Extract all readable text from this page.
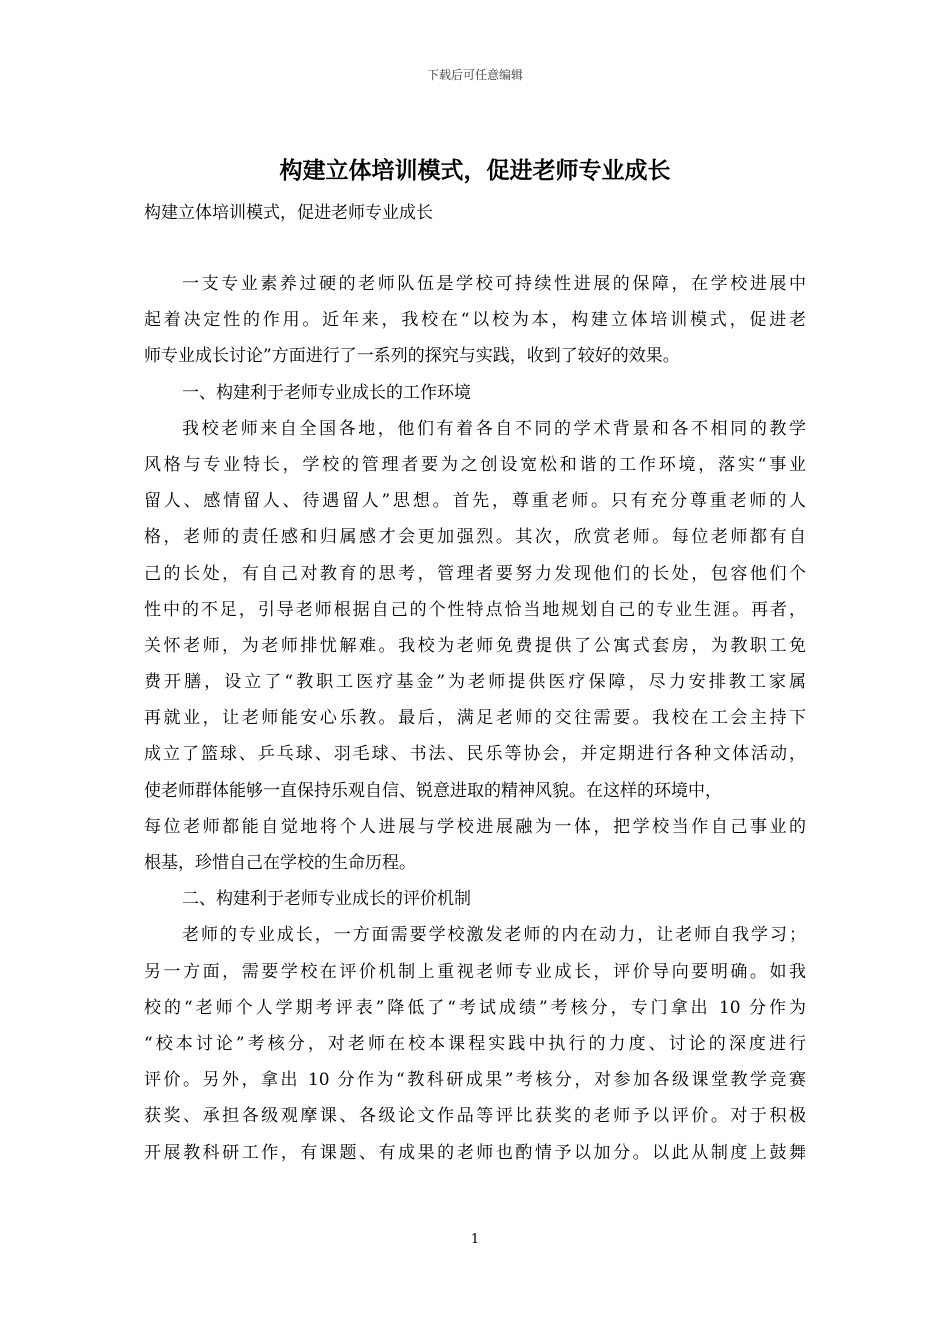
下载后可任意编辑
构建立体培训模式，促进老师专业成长
构建立体培训模式，促进老师专业成长
一支专业素养过硬的老师队伍是学校可持续性进展的保障，在学校进展中
起着决定性的作用。近年来，我校在“以校为本，构建立体培训模式，促进老
师专业成长讨论”方面进行了一系列的探究与实践，收到了较好的效果。
一、构建利于老师专业成长的工作环境
我校老师来自全国各地，他们有着各自不同的学术背景和各不相同的教学
风格与专业特长，学校的管理者要为之创设宽松和谐的工作环境，落实“事业
留人、感情留人、待遇留人”思想。首先，尊重老师。只有充分尊重老师的人
格，老师的责任感和归属感才会更加强烈。其次，欣赏老师。每位老师都有自
己的长处，有自己对教育的思考，管理者要努力发现他们的长处，包容他们个
性中的不足，引导老师根据自己的个性特点恰当地规划自己的专业生涯。再者，
关怀老师，为老师排忧解难。我校为老师免费提供了公寓式套房，为教职工免
费开膳，设立了“教职工医疗基金”为老师提供医疗保障，尽力安排教工家属
再就业，让老师能安心乐教。最后，满足老师的交往需要。我校在工会主持下
成立了篮球、乒乓球、羽毛球、书法、民乐等协会，并定期进行各种文体活动，
使老师群体能够一直保持乐观自信、锐意进取的精神风貌。在这样的环境中，
每位老师都能自觉地将个人进展与学校进展融为一体，把学校当作自己事业的
根基，珍惜自己在学校的生命历程。
二、构建利于老师专业成长的评价机制
老师的专业成长，一方面需要学校激发老师的内在动力，让老师自我学习；
另一方面，需要学校在评价机制上重视老师专业成长，评价导向要明确。如我
校的“老师个人学期考评表”降低了“考试成绩”考核分，专门拿出 10 分作为
“校本讨论”考核分，对老师在校本课程实践中执行的力度、讨论的深度进行
评价。另外，拿出 10 分作为“教科研成果”考核分，对参加各级课堂教学竞赛
获奖、承担各级观摩课、各级论文作品等评比获奖的老师予以评价。对于积极
开展教科研工作，有课题、有成果的老师也酌情予以加分。以此从制度上鼓舞
1
